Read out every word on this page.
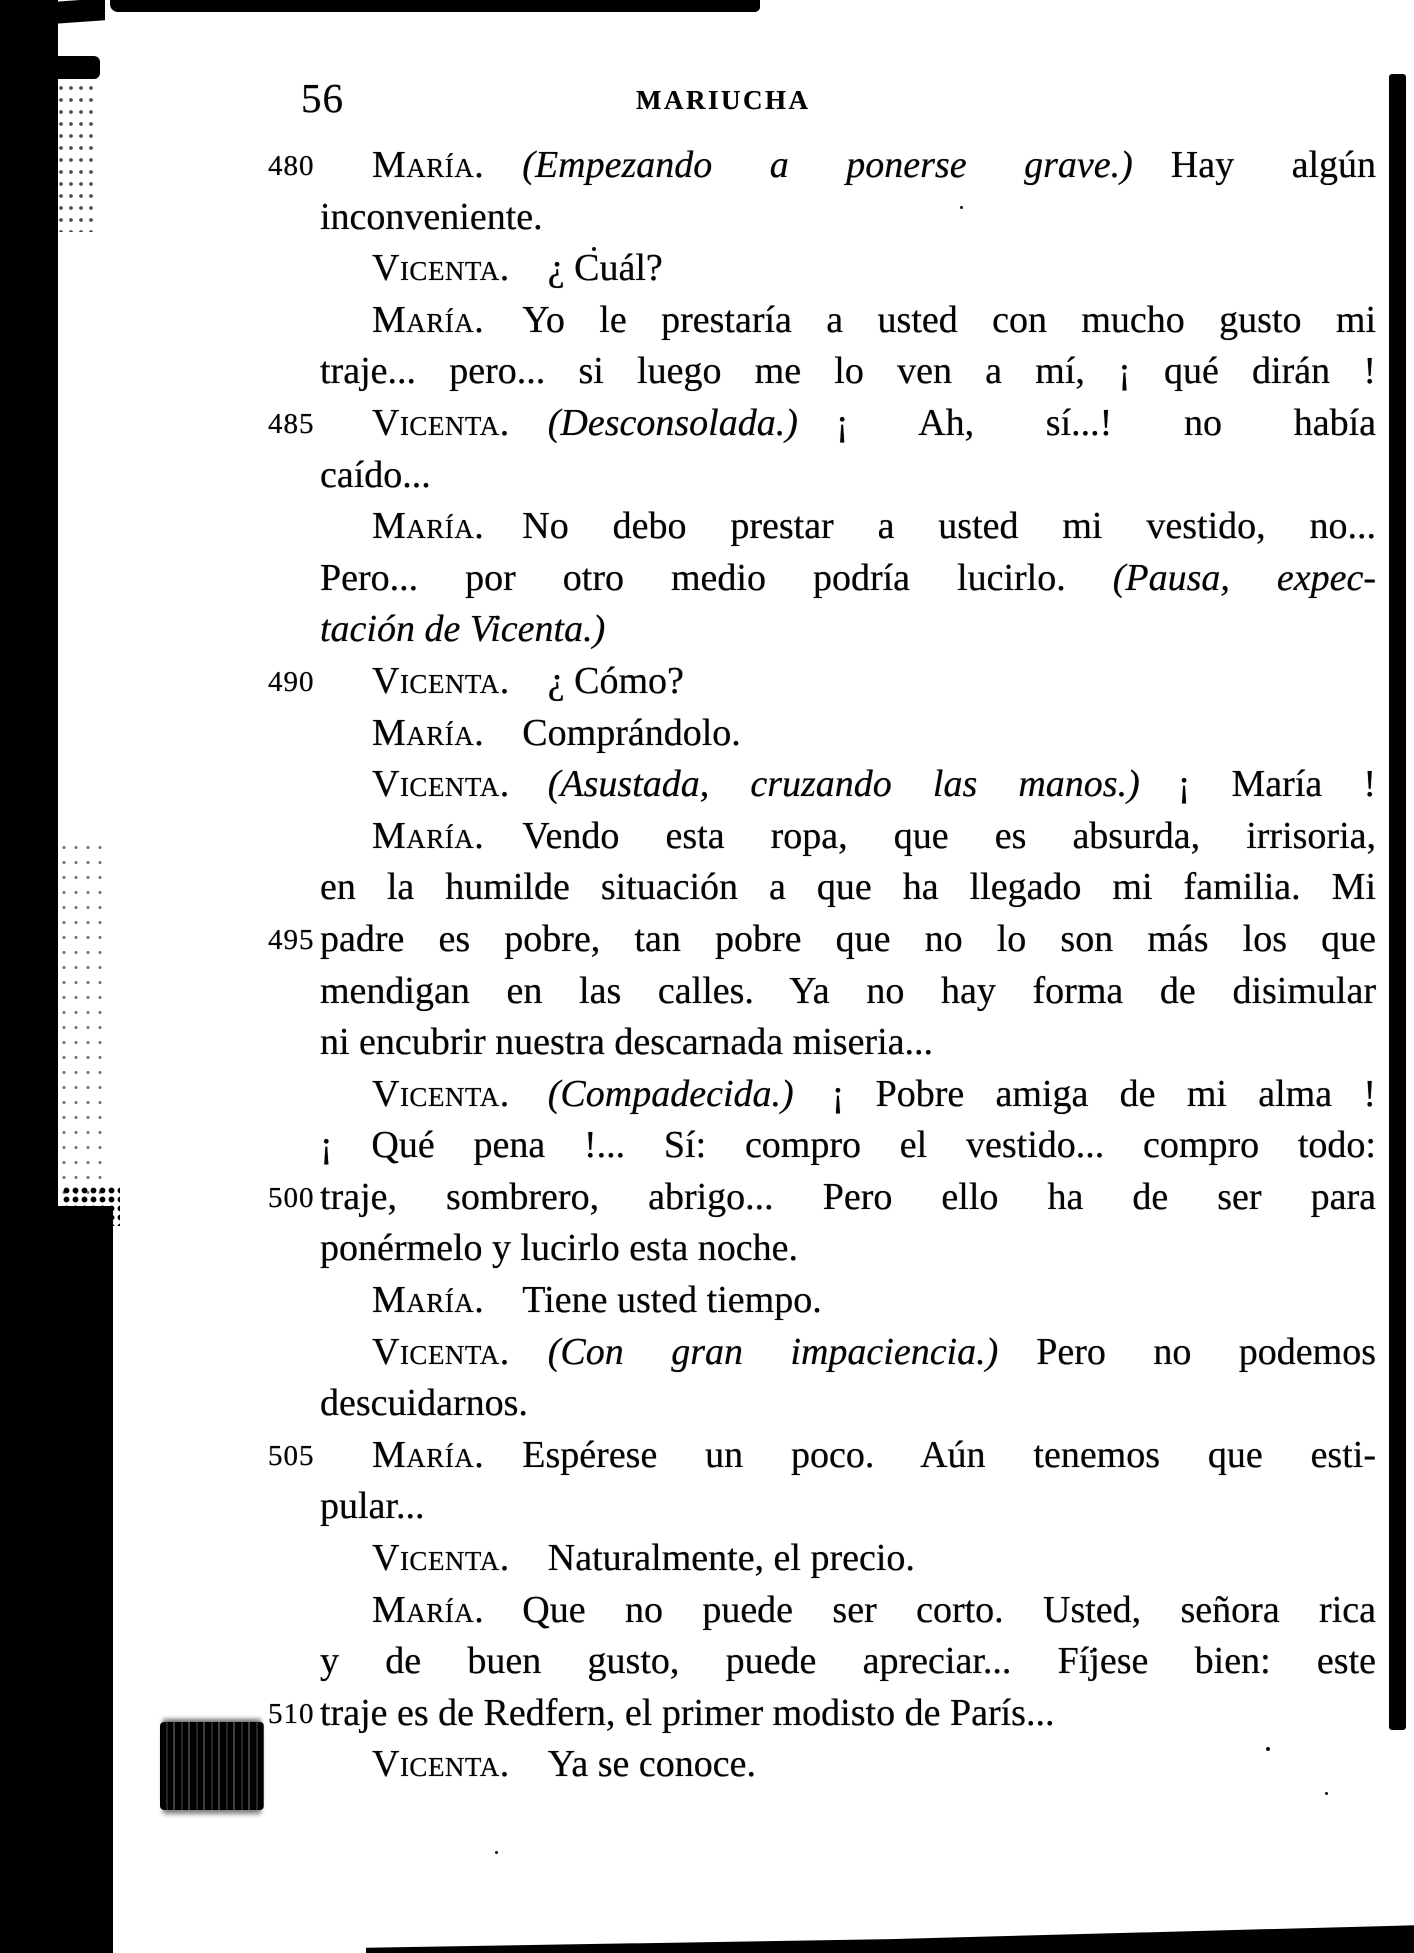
56	MARIUCHA
480 María. (Empezando a ponerse grave.) Hay algún
inconveniente.
Vicenta. ¿ Cuál?
María. Yo le prestaría a usted con mucho gusto mi
traje... pero... si luego me lo ven a mí, ¡ qué dirán !
485 Vicenta. (Desconsolada.) ¡ Ah, sí...! no había
caído...
María. No debo prestar a usted mi vestido, no...
Pero... por otro medio podría lucirlo. (Pausa, expec-
tación de Vicenta.)
490 Vicenta. ¿ Cómo?
María. Comprándolo.
Vicenta. (Asustada, cruzando las manos.) ¡ María !
María. Vendo esta ropa, que es absurda, irrisoria,
en la humilde situación a que ha llegado mi familia. Mi
495 padre es pobre, tan pobre que no lo son más los que
mendigan en las calles. Ya no hay forma de disimular
ni encubrir nuestra descarnada miseria...
Vicenta. (Compadecida.) ¡ Pobre amiga de mi alma !
¡ Qué pena !... Sí: compro el vestido... compro todo:
500 traje, sombrero, abrigo... Pero ello ha de ser para
ponérmelo y lucirlo esta noche.
María. Tiene usted tiempo.
Vicenta. (Con gran impaciencia.) Pero no podemos
descuidarnos.
505 María. Espérese un poco. Aún tenemos que esti-
pular...
Vicenta. Naturalmente, el precio.
María. Que no puede ser corto. Usted, señora rica
y de buen gusto, puede apreciar... Fíjese bien: este
510 traje es de Redfern, el primer modisto de París...
Vicenta. Ya se conoce.
